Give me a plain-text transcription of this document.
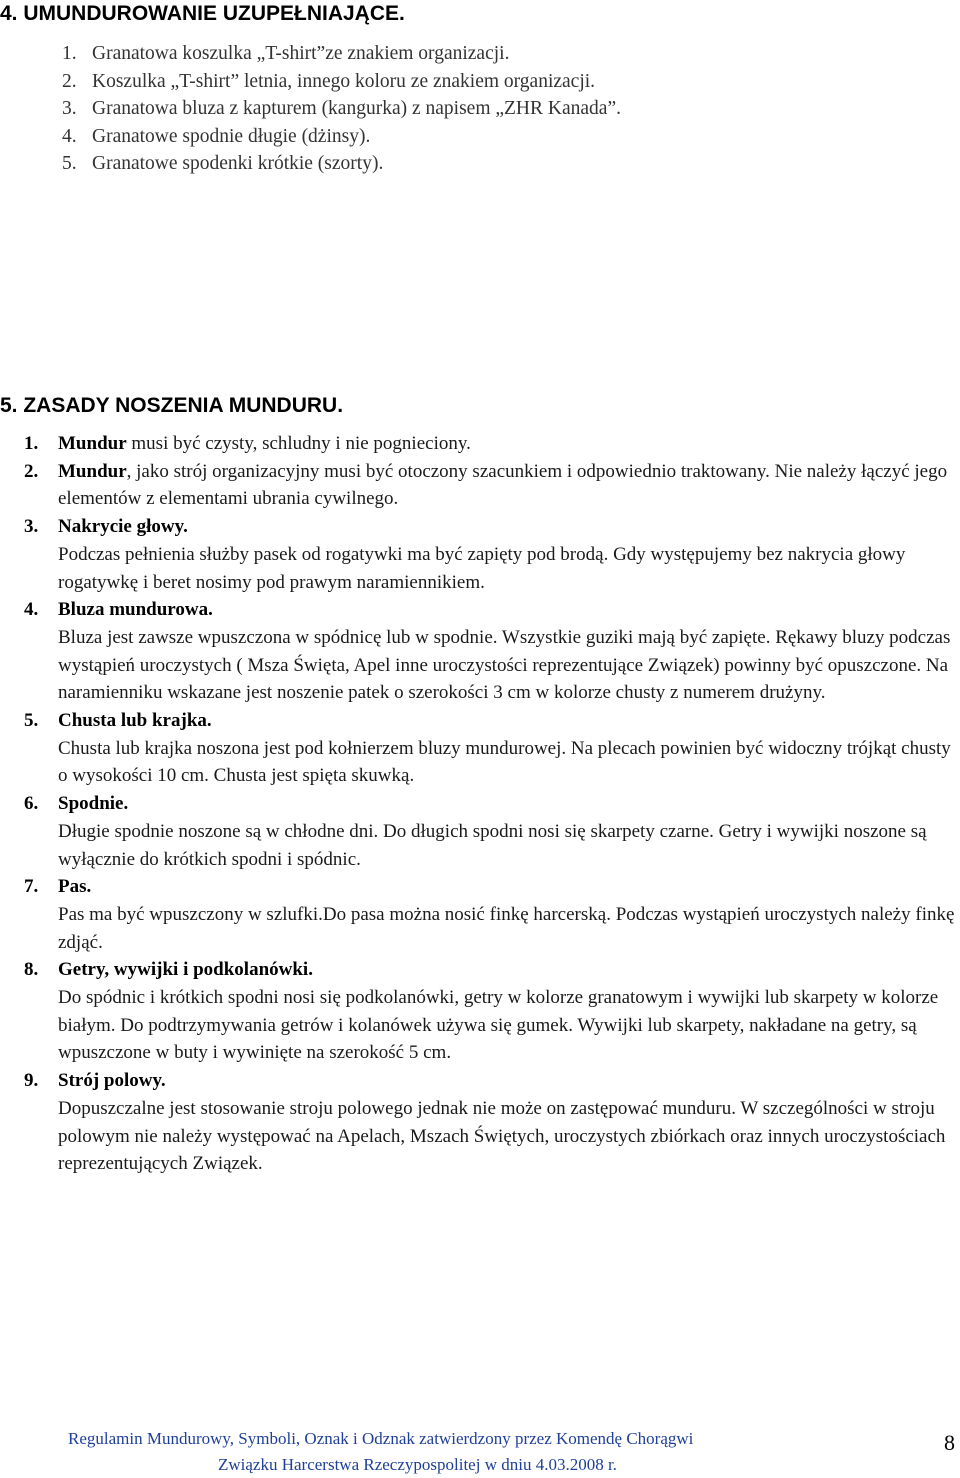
4. UMUNDUROWANIE UZUPEŁNIAJĄCE.
1. Granatowa koszulka „T-shirt”ze znakiem organizacji.
2. Koszulka „T-shirt” letnia, innego koloru ze znakiem organizacji.
3. Granatowa bluza z kapturem (kangurka) z napisem „ZHR Kanada”.
4. Granatowe spodnie długie (dżinsy).
5. Granatowe spodenki krótkie (szorty).
5. ZASADY NOSZENIA MUNDURU.
1. Mundur musi być czysty, schludny i nie pognieciony.
2. Mundur, jako strój organizacyjny musi być otoczony szacunkiem i odpowiednio traktowany. Nie należy łączyć jego elementów z elementami ubrania cywilnego.
3. Nakrycie głowy.
Podczas pełnienia służby pasek od rogatywki ma być zapięty pod brodą. Gdy występujemy bez nakrycia głowy rogatywkę i beret nosimy pod prawym naramiennikiem.
4. Bluza mundurowa.
Bluza jest zawsze wpuszczona w spódnicę lub w spodnie. Wszystkie guziki mają być zapięte. Rękawy bluzy podczas wystąpień uroczystych ( Msza Święta, Apel inne uroczystości reprezentujące Związek) powinny być opuszczone. Na naramienniku wskazane jest noszenie patek o szerokości 3 cm w kolorze chusty z numerem drużyny.
5. Chusta lub krajka.
Chusta lub krajka noszona jest pod kołnierzem bluzy mundurowej. Na plecach powinien być widoczny trójkąt chusty o wysokości 10 cm. Chusta jest spięta skuwką.
6. Spodnie.
Długie spodnie noszone są w chłodne dni. Do długich spodni nosi się skarpety czarne. Getry i wywijki noszone są wyłącznie do krótkich spodni i spódnic.
7. Pas.
Pas ma być wpuszczony w szlufki.Do pasa można nosić finkę harcerską. Podczas wystąpień uroczystych należy finkę zdjąć.
8. Getry, wywijki i podkolanówki.
Do spódnic i krótkich spodni nosi się podkolanówki, getry w kolorze granatowym i wywijki lub skarpety w kolorze białym. Do podtrzymywania getrów i kolanówek używa się gumek. Wywijki lub skarpety, nakładane na getry, są wpuszczone w buty i wywinięte na szerokość 5 cm.
9. Strój polowy.
Dopuszczalne jest stosowanie stroju polowego jednak nie może on zastępować munduru. W szczególności w stroju polowym nie należy występować na Apelach, Mszach Świętych, uroczystych zbiórkach oraz innych uroczystościach reprezentujących Związek.
Regulamin Mundurowy, Symboli, Oznak i Odznak zatwierdzony przez Komendę Chorągwi
Związku Harcerstwa Rzeczypospolitej w dniu 4.03.2008 r.
8
